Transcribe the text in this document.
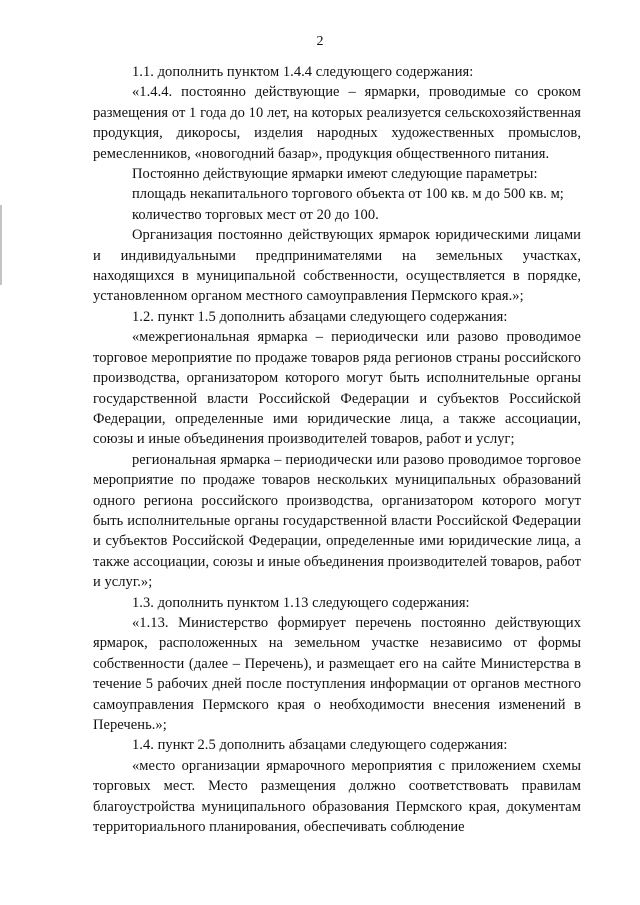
2

1.1. дополнить пунктом 1.4.4 следующего содержания:

«1.4.4. постоянно действующие – ярмарки, проводимые со сроком размещения от 1 года до 10 лет, на которых реализуется сельскохозяйственная продукция, дикоросы, изделия народных художественных промыслов, ремесленников, «новогодний базар», продукция общественного питания.

Постоянно действующие ярмарки имеют следующие параметры:

площадь некапитального торгового объекта от 100 кв. м до 500 кв. м;

количество торговых мест от 20 до 100.

Организация постоянно действующих ярмарок юридическими лицами и индивидуальными предпринимателями на земельных участках, находящихся в муниципальной собственности, осуществляется в порядке, установленном органом местного самоуправления Пермского края.»;

1.2. пункт 1.5 дополнить абзацами следующего содержания:

«межрегиональная ярмарка – периодически или разово проводимое торговое мероприятие по продаже товаров ряда регионов страны российского производства, организатором которого могут быть исполнительные органы государственной власти Российской Федерации и субъектов Российской Федерации, определенные ими юридические лица, а также ассоциации, союзы и иные объединения производителей товаров, работ и услуг;

региональная ярмарка – периодически или разово проводимое торговое мероприятие по продаже товаров нескольких муниципальных образований одного региона российского производства, организатором которого могут быть исполнительные органы государственной власти Российской Федерации и субъектов Российской Федерации, определенные ими юридические лица, а также ассоциации, союзы и иные объединения производителей товаров, работ и услуг.»;

1.3. дополнить пунктом 1.13 следующего содержания:

«1.13. Министерство формирует перечень постоянно действующих ярмарок, расположенных на земельном участке независимо от формы собственности (далее – Перечень), и размещает его на сайте Министерства в течение 5 рабочих дней после поступления информации от органов местного самоуправления Пермского края о необходимости внесения изменений в Перечень.»;

1.4. пункт 2.5 дополнить абзацами следующего содержания:

«место организации ярмарочного мероприятия с приложением схемы торговых мест. Место размещения должно соответствовать правилам благоустройства муниципального образования Пермского края, документам территориального планирования, обеспечивать соблюдение
